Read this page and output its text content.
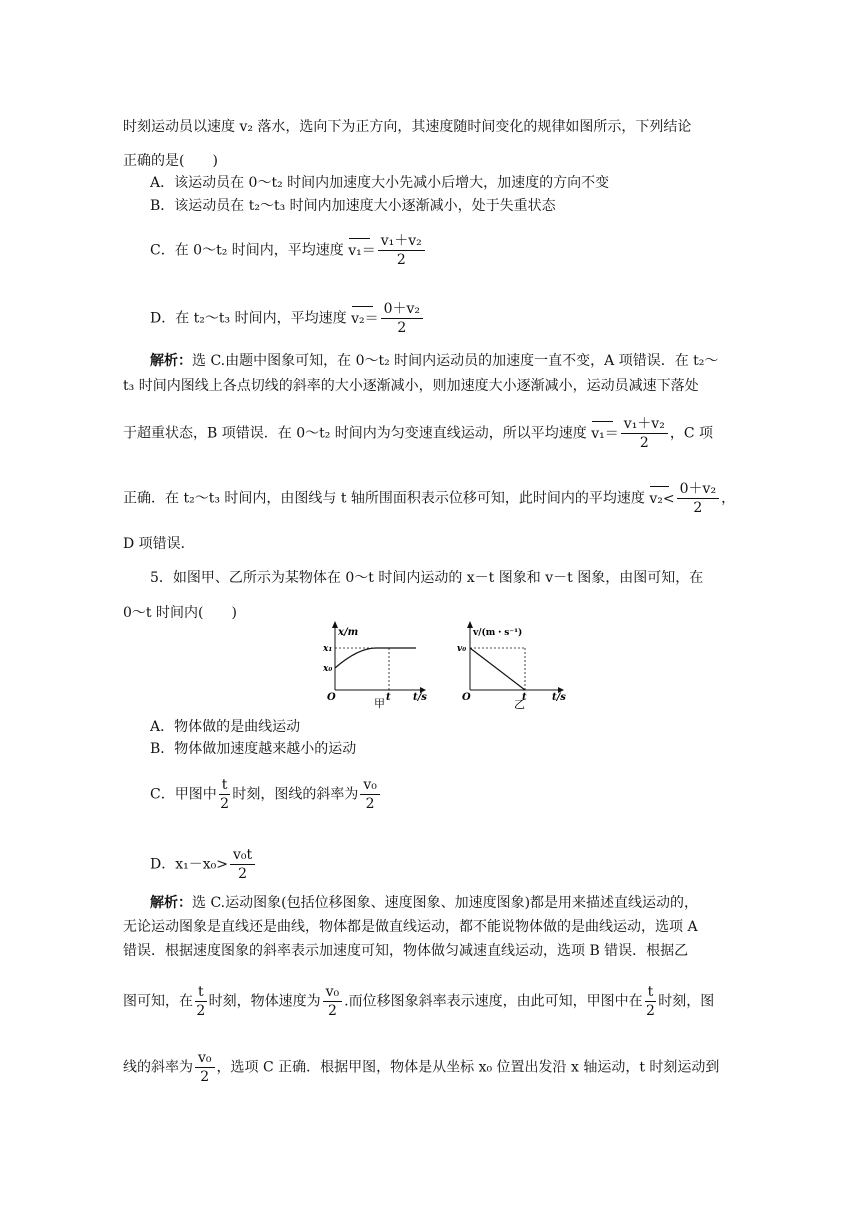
时刻运动员以速度 v₂ 落水，选向下为正方向，其速度随时间变化的规律如图所示，下列结论
正确的是(　　)
A．该运动员在 0～t₂ 时间内加速度大小先减小后增大，加速度的方向不变
B．该运动员在 t₂～t₃ 时间内加速度大小逐渐减小，处于失重状态
C．在 0～t₂ 时间内，平均速度 $v_1= \frac{\text{v₁＋v₂}}{2}$
D．在 t₂～t₃ 时间内，平均速度 $v_2= \frac{\text{0＋v₂}}{2}$
解析：选 C.由题中图象可知，在 0～t₂ 时间内运动员的加速度一直不变，A 项错误．在 t₂～
t₃ 时间内图线上各点切线的斜率的大小逐渐减小，则加速度大小逐渐减小，运动员减速下落处
于超重状态，B 项错误．在 0～t₂ 时间内为匀变速直线运动，所以平均速度 $v_1= \frac{\text{v₁＋v₂}}{2}$ ，C 项
正确．在 t₂～t₃ 时间内，由图线与 t 轴所围面积表示位移可知，此时间内的平均速度 $v_2< \frac{\text{0＋v₂}}{2}$ ，
D 项错误．
5．如图甲、乙所示为某物体在 0～t 时间内运动的 x－t 图象和 v－t 图象，由图可知，在
0～t 时间内(　　)
x/m
x₁
x₀
O	t t/s
甲
v/(m・s⁻¹)
v₀
O	t	t/s
乙
A．物体做的是曲线运动
B．物体做加速度越来越小的运动
C．甲图中 $\frac{t}{2}$ 时刻，图线的斜率为 $\frac{\text{v₀}}{2}$
D．$x_1-x_0> \frac{\text{v₀t}}{2}$
解析：选 C.运动图象(包括位移图象、速度图象、加速度图象)都是用来描述直线运动的，
无论运动图象是直线还是曲线，物体都是做直线运动，都不能说物体做的是曲线运动，选项 A
错误．根据速度图象的斜率表示加速度可知，物体做匀减速直线运动，选项 B 错误．根据乙
图可知，在 $\frac{t}{2}$ 时刻，物体速度为 $\frac{\text{v₀}}{2}$ .而位移图象斜率表示速度，由此可知，甲图中在 $\frac{t}{2}$ 时刻，图
线的斜率为 $\frac{\text{v₀}}{2}$ ，选项 C 正确．根据甲图，物体是从坐标 x₀ 位置出发沿 x 轴运动，t 时刻运动到
